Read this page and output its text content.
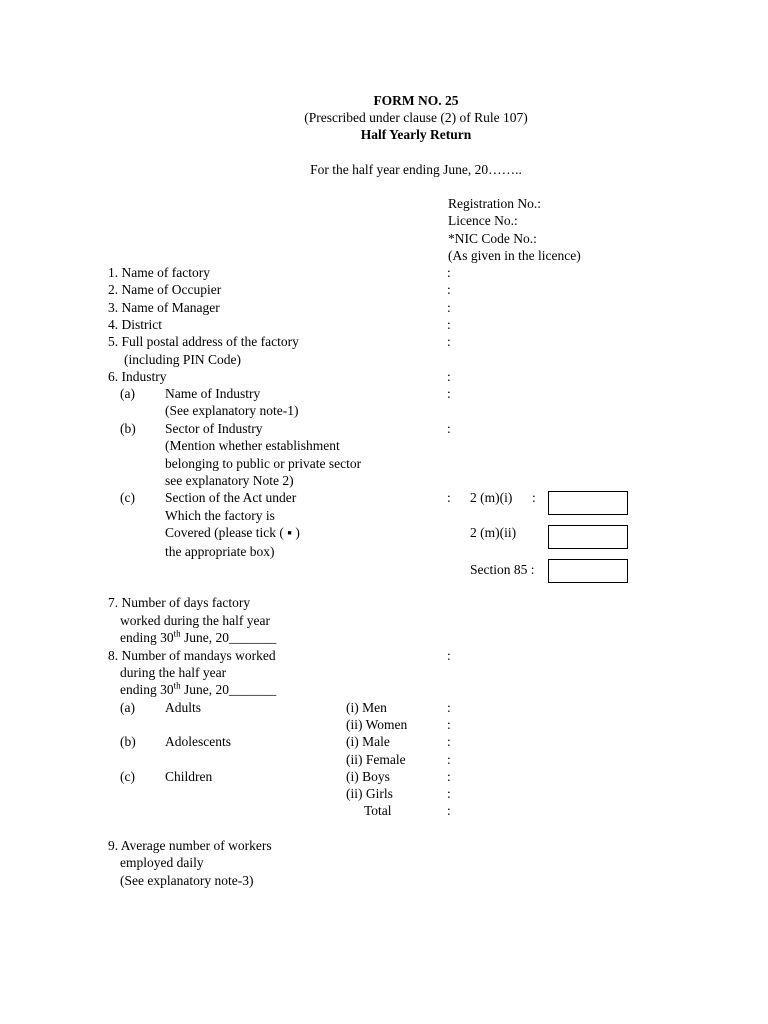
FORM NO. 25
(Prescribed under clause (2) of Rule 107)
Half Yearly Return
For the half year ending June, 20……..
Registration No.:
Licence No.:
*NIC Code No.:
(As given in the licence)
1. Name of factory	:
2. Name of Occupier	:
3. Name of Manager	:
4. District	:
5. Full postal address of the factory	:
(including PIN Code)
6. Industry	:
(a) Name of Industry	:
(See explanatory note-1)
(b) Sector of Industry	:
(Mention whether establishment
belonging to public or private sector
see explanatory Note 2)
(c) Section of the Act under	:
Which the factory is
Covered (please tick ( ▪ )
the appropriate box)
2 (m)(i) :
2 (m)(ii)
Section 85 :
7. Number of days factory
worked during the half year
ending 30th June, 20_______
8. Number of mandays worked	:
during the half year
ending 30th June, 20_______
(a) Adults	(i) Men	:
(ii) Women	:
(b) Adolescents	(i) Male	:
(ii) Female	:
(c) Children	(i) Boys	:
(ii) Girls	:
Total	:
9. Average number of workers
employed daily
(See explanatory note-3)
